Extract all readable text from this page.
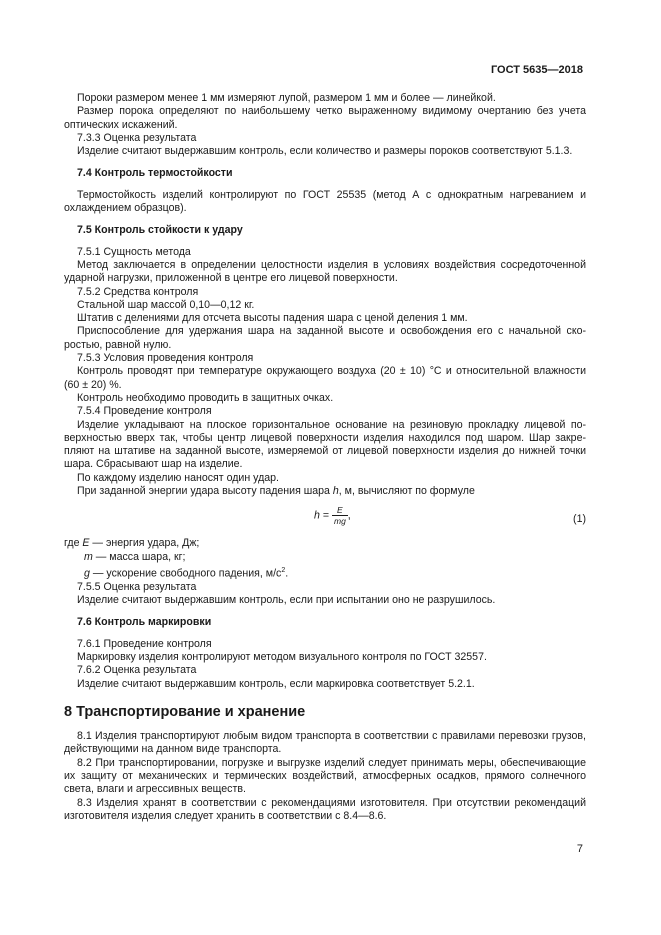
ГОСТ 5635—2018

Пороки размером менее 1 мм измеряют лупой, размером 1 мм и более — линейкой.

Размер порока определяют по наибольшему четко выраженному видимому очертанию без учета оптических искажений.

7.3.3 Оценка результата

Изделие считают выдержавшим контроль, если количество и размеры пороков соответствуют 5.1.3.

7.4 Контроль термостойкости

Термостойкость изделий контролируют по ГОСТ 25535 (метод А с однократным нагреванием и охлаждением образцов).

7.5 Контроль стойкости к удару

7.5.1 Сущность метода

Метод заключается в определении целостности изделия в условиях воздействия сосредоточенной ударной нагрузки, приложенной в центре его лицевой поверхности.

7.5.2 Средства контроля

Стальной шар массой 0,10—0,12 кг.

Штатив с делениями для отсчета высоты падения шара с ценой деления 1 мм.

Приспособление для удержания шара на заданной высоте и освобождения его с начальной скоростью, равной нулю.

7.5.3 Условия проведения контроля

Контроль проводят при температуре окружающего воздуха (20 ± 10) °С и относительной влажности (60 ± 20) %.

Контроль необходимо проводить в защитных очках.

7.5.4 Проведение контроля

Изделие укладывают на плоское горизонтальное основание на резиновую прокладку лицевой поверхностью вверх так, чтобы центр лицевой поверхности изделия находился под шаром. Шар закрепляют на штативе на заданной высоте, измеряемой от лицевой поверхности изделия до нижней точки шара. Сбрасывают шар на изделие.

По каждому изделию наносят один удар.

При заданной энергии удара высоту падения шара h, м, вычисляют по формуле

$h = \frac{E}{mg}$ ,	(1)

где E — энергия удара, Дж;

m — масса шара, кг;

g — ускорение свободного падения, $м/с^2$.

7.5.5 Оценка результата

Изделие считают выдержавшим контроль, если при испытании оно не разрушилось.

7.6 Контроль маркировки

7.6.1 Проведение контроля

Маркировку изделия контролируют методом визуального контроля по ГОСТ 32557.

7.6.2 Оценка результата

Изделие считают выдержавшим контроль, если маркировка соответствует 5.2.1.

8 Транспортирование и хранение

8.1 Изделия транспортируют любым видом транспорта в соответствии с правилами перевозки грузов, действующими на данном виде транспорта.

8.2 При транспортировании, погрузке и выгрузке изделий следует принимать меры, обеспечивающие их защиту от механических и термических воздействий, атмосферных осадков, прямого солнечного света, влаги и агрессивных веществ.

8.3 Изделия хранят в соответствии с рекомендациями изготовителя. При отсутствии рекомендаций изготовителя изделия следует хранить в соответствии с 8.4—8.6.

7
